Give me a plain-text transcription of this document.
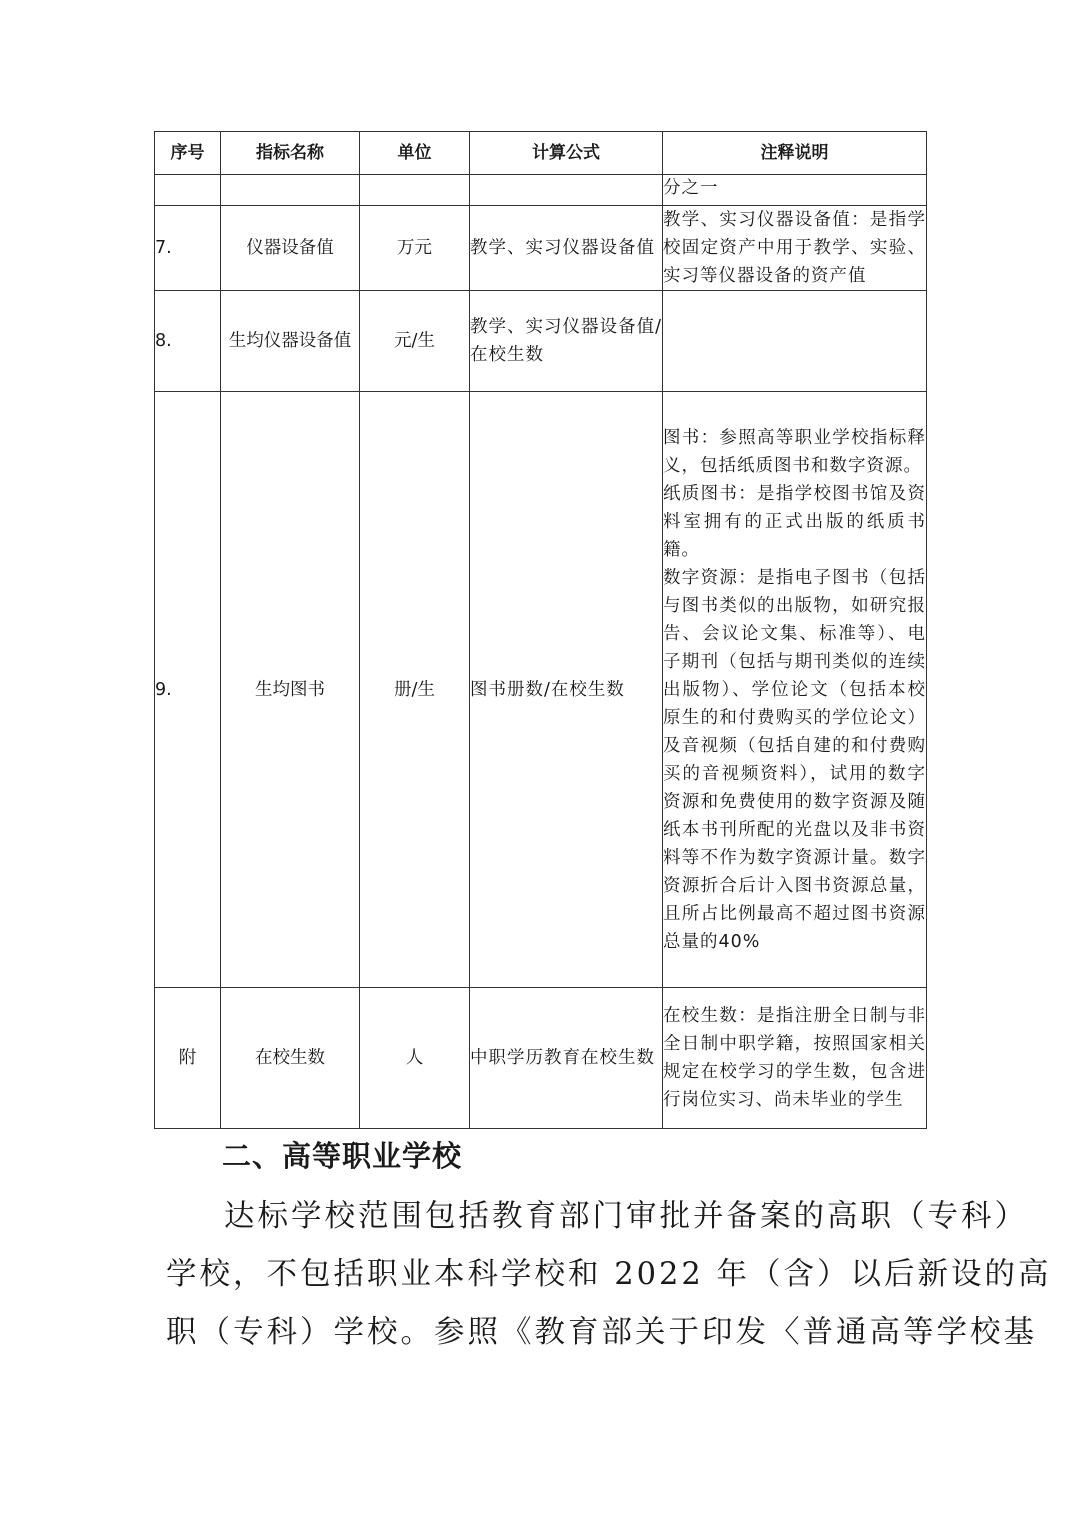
序号	指标名称	单位	计算公式	注释说明

				分之一

7.	仪器设备值	万元	教学、实习仪器设备值	教学、实习仪器设备值：是指学校固定资产中用于教学、实验、实习等仪器设备的资产值

8.	生均仪器设备值	元/生	教学、实习仪器设备值/在校生数	
9.	生均图书	册/生	图书册数/在校生数	图书：参照高等职业学校指标释义，包括纸质图书和数字资源。
纸质图书：是指学校图书馆及资料室拥有的正式出版的纸质书籍。
数字资源：是指电子图书（包括与图书类似的出版物，如研究报告、会议论文集、标准等）、电子期刊（包括与期刊类似的连续出版物）、学位论文（包括本校原生的和付费购买的学位论文）及音视频（包括自建的和付费购买的音视频资料），试用的数字资源和免费使用的数字资源及随纸本书刊所配的光盘以及非书资料等不作为数字资源计量。数字资源折合后计入图书资源总量，且所占比例最高不超过图书资源总量的40%

附	在校生数	人	中职学历教育在校生数	在校生数：是指注册全日制与非全日制中职学籍，按照国家相关规定在校学习的学生数，包含进行岗位实习、尚未毕业的学生
二、高等职业学校
达标学校范围包括教育部门审批并备案的高职（专科）
学校，不包括职业本科学校和 2022 年（含）以后新设的高
职（专科）学校。参照《教育部关于印发〈普通高等学校基
